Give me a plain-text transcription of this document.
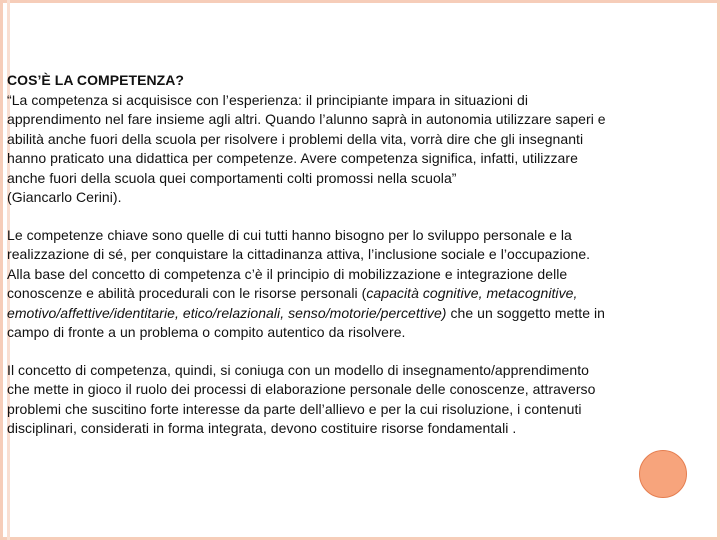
COS’È LA COMPETENZA?
“La competenza si acquisisce con l’esperienza: il principiante impara in situazioni di
apprendimento nel fare insieme agli altri. Quando l’alunno saprà in autonomia utilizzare saperi e
abilità anche fuori della scuola per risolvere i problemi della vita, vorrà dire che gli insegnanti
hanno praticato una didattica per competenze. Avere competenza significa, infatti, utilizzare
anche fuori della scuola quei comportamenti colti promossi nella scuola”
(Giancarlo Cerini).

Le competenze chiave sono quelle di cui tutti hanno bisogno per lo sviluppo personale e la
realizzazione di sé, per conquistare la cittadinanza attiva, l’inclusione sociale e l’occupazione.
Alla base del concetto di competenza c’è il principio di mobilizzazione e integrazione delle
conoscenze e abilità procedurali con le risorse personali (capacità cognitive, metacognitive,
emotivo/affettive/identitarie, etico/relazionali, senso/motorie/percettive) che un soggetto mette in
campo di fronte a un problema o compito autentico da risolvere.

Il concetto di competenza, quindi, si coniuga con un modello di insegnamento/apprendimento
che mette in gioco il ruolo dei processi di elaborazione personale delle conoscenze, attraverso
problemi che suscitino forte interesse da parte dell’allievo e per la cui risoluzione, i contenuti
disciplinari, considerati in forma integrata, devono costituire risorse fondamentali .
